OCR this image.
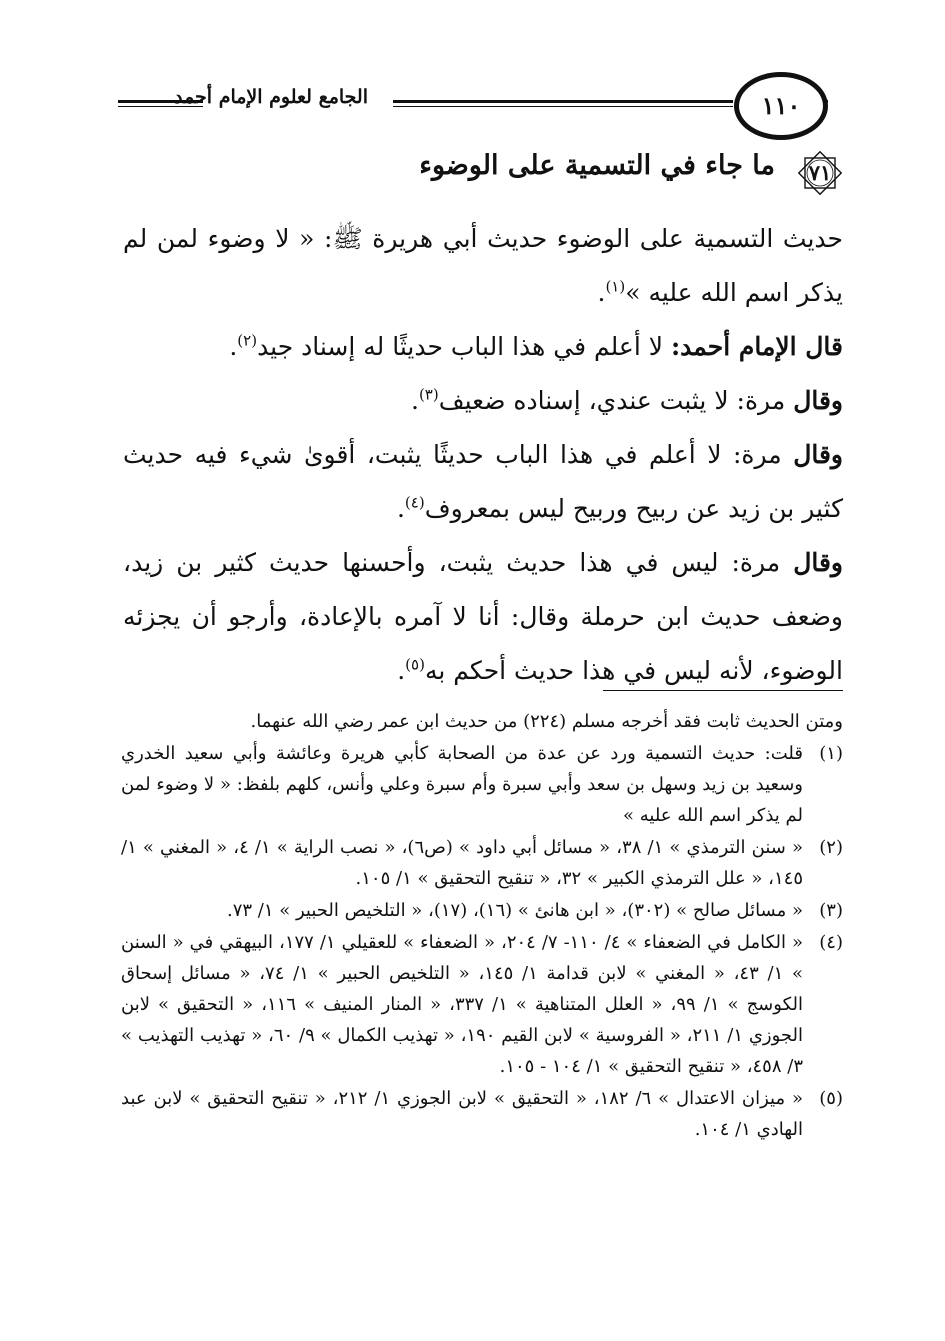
الجامع لعلوم الإمام أحمد	١١٠
٧١
ما جاء في التسمية على الوضوء

حديث التسمية على الوضوء حديث أبي هريرة ﷺ: « لا وضوء لمن لم يذكر اسم الله عليه »$^{(١)}$.

قال الإمام أحمد: لا أعلم في هذا الباب حديثًا له إسناد جيد$^{(٢)}$.

وقال مرة: لا يثبت عندي، إسناده ضعيف$^{(٣)}$.

وقال مرة: لا أعلم في هذا الباب حديثًا يثبت، أقوىٰ شيء فيه حديث كثير بن زيد عن ربيح وربيح ليس بمعروف$^{(٤)}$.

وقال مرة: ليس في هذا حديث يثبت، وأحسنها حديث كثير بن زيد، وضعف حديث ابن حرملة وقال: أنا لا آمره بالإعادة، وأرجو أن يجزئه الوضوء، لأنه ليس في هذا حديث أحكم به$^{(٥)}$.

ومتن الحديث ثابت فقد أخرجه مسلم (٢٢٤) من حديث ابن عمر رضي الله عنهما.

(١)
قلت: حديث التسمية ورد عن عدة من الصحابة كأبي هريرة وعائشة وأبي سعيد الخدري وسعيد بن زيد وسهل بن سعد وأبي سبرة وأم سبرة وعلي وأنس، كلهم بلفظ: « لا وضوء لمن لم يذكر اسم الله عليه »

(٢)
« سنن الترمذي » ١/ ٣٨، « مسائل أبي داود » (ص٦)، « نصب الراية » ١/ ٤، « المغني » ١/ ١٤٥، « علل الترمذي الكبير » ٣٢، « تنقيح التحقيق » ١/ ١٠٥.

(٣)
« مسائل صالح » (٣٠٢)، « ابن هانئ » (١٦)، (١٧)، « التلخيص الحبير » ١/ ٧٣.

(٤)
« الكامل في الضعفاء » ٤/ ١١٠- ٧/ ٢٠٤، « الضعفاء » للعقيلي ١/ ١٧٧، البيهقي في « السنن » ١/ ٤٣، « المغني » لابن قدامة ١/ ١٤٥، « التلخيص الحبير » ١/ ٧٤، « مسائل إسحاق الكوسج » ١/ ٩٩، « العلل المتناهية » ١/ ٣٣٧، « المنار المنيف » ١١٦، « التحقيق » لابن الجوزي ١/ ٢١١، « الفروسية » لابن القيم ١٩٠، « تهذيب الكمال » ٩/ ٦٠، « تهذيب التهذيب » ٣/ ٤٥٨، « تنقيح التحقيق » ١/ ١٠٤ - ١٠٥.

(٥)
« ميزان الاعتدال » ٦/ ١٨٢، « التحقيق » لابن الجوزي ١/ ٢١٢، « تنقيح التحقيق » لابن عبد الهادي ١/ ١٠٤.
